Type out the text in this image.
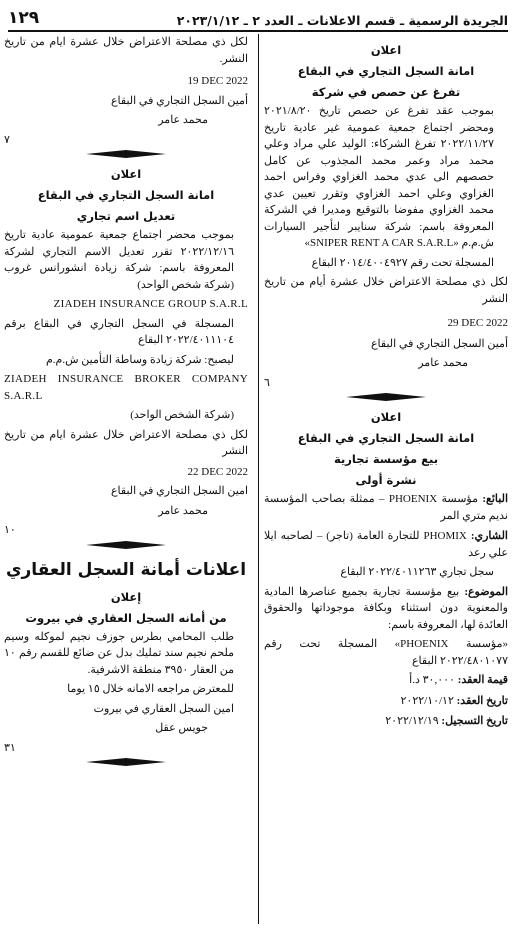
الجريدة الرسمية ـ قسم الاعلانات ـ العدد ٢ ـ ٢٠٢٣/١/١٢
١٢٩
اعلان
امانة السجل التجاري في البقاع
تفرغ عن حصص في شركة

بموجب عقد تفرغ عن حصص تاريخ ٢٠٢١/٨/٢٠ ومحضر اجتماع جمعية عمومية غير عادية تاريخ ٢٠٢٢/١١/٢٧ تفرغ الشركاء: الوليد علي مراد وعلي محمد مراد وعمر محمد المجذوب عن كامل حصصهم الى عدي محمد الغزاوي وفراس احمد الغزاوي وعلي احمد الغزاوي وتقرر تعيين عدي محمد الغزاوي مفوضا بالتوقيع ومديرا في الشركة المعروفة باسم: شركة سنايبر لتأجير السيارات ش.م.م «SNIPER RENT A CAR S.A.R.L»

المسجلة تحت رقم ٢٠١٤/٤٠٠٤٩٢٧ البقاع

لكل ذي مصلحة الاعتراض خلال عشرة أيام من تاريخ النشر

29 DEC 2022

أمين السجل التجاري في البقاع

محمد عامر

٦
اعلان
امانة السجل التجاري في البقاع
بيع مؤسسة تجارية
نشرة أولى

البائع: مؤسسة PHOENIX – ممثلة بصاحب المؤسسة نديم متري المر

الشاري: PHOMIX للتجارة العامة (تاجر) – لصاحبه ايلا علي رعد

سجل تجاري ٢٠٢٢/٤٠١١٢٦٣ البقاع

الموضوع: بيع مؤسسة تجارية بجميع عناصرها المادية والمعنوية دون استثناء وبكافة موجوداتها والحقوق العائدة لها، المعروفة باسم:

«مؤسسة PHOENIX» المسجلة تحت رقم ٢٠٢٢/٤٨٠١٠٧٧ البقاع

قيمة العقد: ٣٠,٠٠٠ د.أ

تاريخ العقد: ٢٠٢٢/١٠/١٢

تاريخ التسجيل: ٢٠٢٢/١٢/١٩

لكل ذي مصلحة الاعتراض خلال عشرة ايام من تاريخ النشر.

19 DEC 2022

أمين السجل التجاري في البقاع

محمد عامر

٧
اعلان
امانة السجل التجاري في البقاع
تعديل اسم تجاري

بموجب محضر اجتماع جمعية عمومية عادية تاريخ ٢٠٢٢/١٢/١٦ تقرر تعديل الاسم التجاري لشركة المعروفة باسم: شركة زيادة انشورانس غروب (شركة شخص الواحد)

ZIADEH INSURANCE GROUP S.A.R.L

المسجلة في السجل التجاري في البقاع برقم ٢٠٢٢/٤٠١١١٠٤ البقاع

ليصبح: شركة زيادة وساطة التأمين ش.م.م

ZIADEH INSURANCE BROKER COMPANY S.A.R.L

(شركة الشخص الواحد)

لكل ذي مصلحة الاعتراض خلال عشرة ايام من تاريخ النشر

22 DEC 2022

امين السجل التجاري في البقاع

محمد عامر

١٠
اعلانات أمانة السجل العقاري
إعلان
من أمانه السجل العقاري في بيروت

طلب المحامي بطرس جوزف نجيم لموكله وسيم ملحم نجيم سند تمليك بدل عن ضائع للقسم رقم ١٠ من العقار ٣٩٥٠ منطقة الاشرفية.

للمعترض مراجعه الامانه خلال ١٥ يوما

امين السجل العقاري في بيروت

جويس عقل

٣١
